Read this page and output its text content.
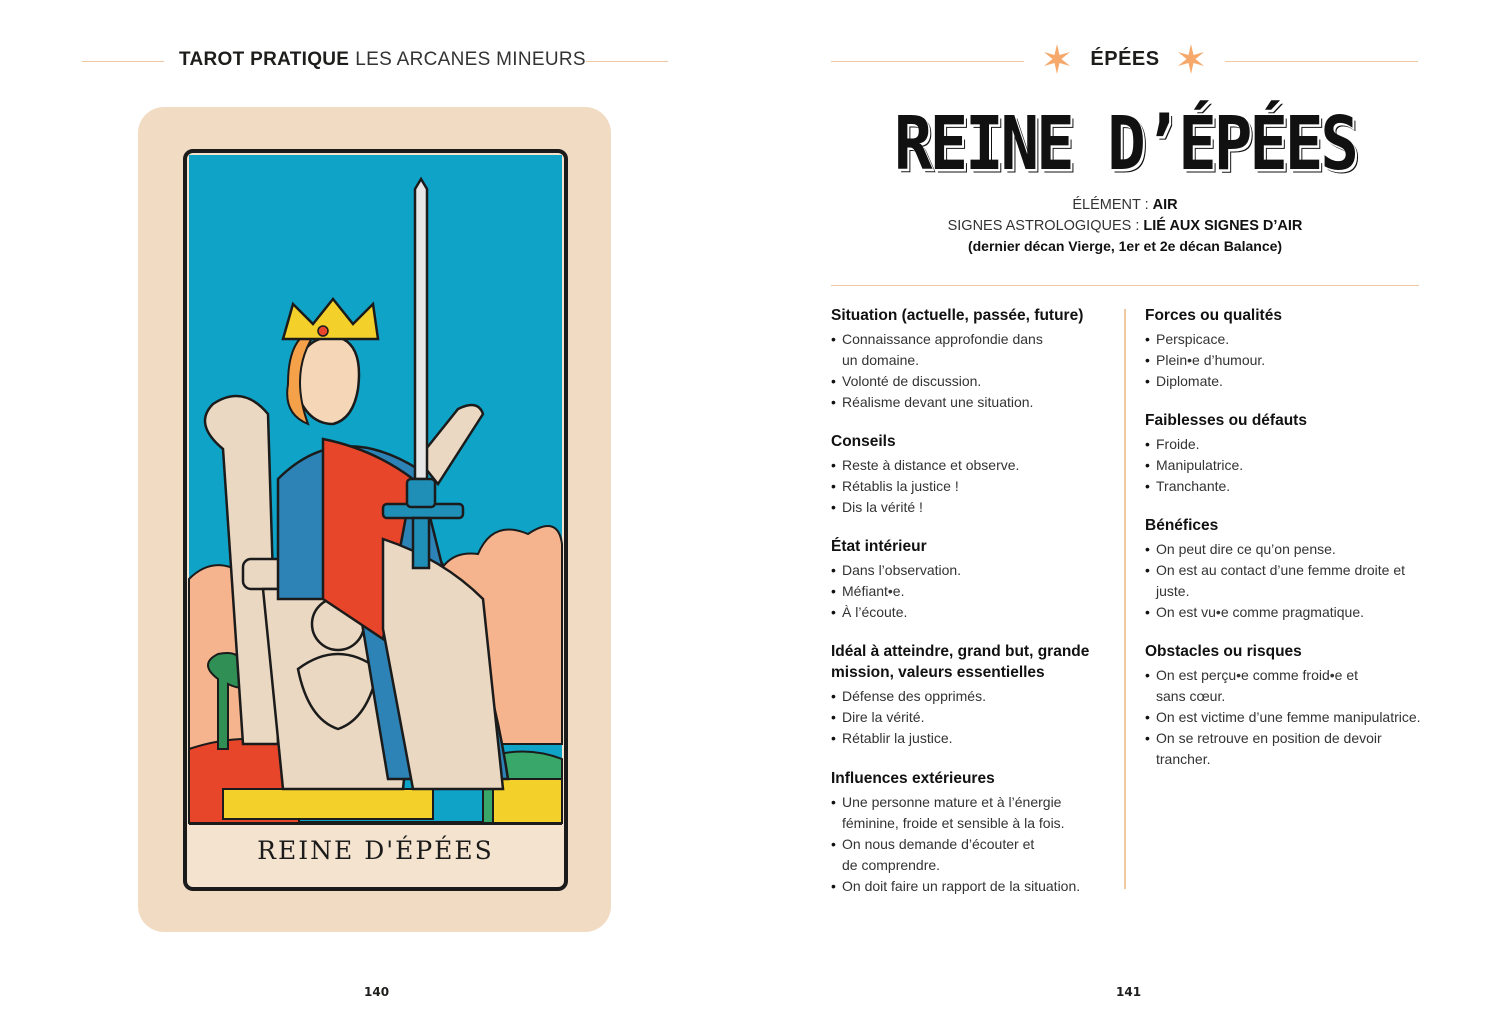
TAROT PRATIQUE LES ARCANES MINEURS
REINE D'ÉPÉES
140
ÉPÉES
REINE D’ÉPÉES
ÉLÉMENT : AIR
SIGNES ASTROLOGIQUES : LIÉ AUX SIGNES D’AIR
(dernier décan Vierge, 1er et 2e décan Balance)
Situation (actuelle, passée, future)
• Connaissance approfondie dans un domaine.
• Volonté de discussion.
• Réalisme devant une situation.
Conseils
• Reste à distance et observe.
• Rétablis la justice !
• Dis la vérité !
État intérieur
• Dans l’observation.
• Méfiant•e.
• À l’écoute.
Idéal à atteindre, grand but, grande mission, valeurs essentielles
• Défense des opprimés.
• Dire la vérité.
• Rétablir la justice.
Influences extérieures
• Une personne mature et à l’énergie féminine, froide et sensible à la fois.
• On nous demande d’écouter et de comprendre.
• On doit faire un rapport de la situation.
Forces ou qualités
• Perspicace.
• Plein•e d’humour.
• Diplomate.
Faiblesses ou défauts
• Froide.
• Manipulatrice.
• Tranchante.
Bénéfices
• On peut dire ce qu’on pense.
• On est au contact d’une femme droite et juste.
• On est vu•e comme pragmatique.
Obstacles ou risques
• On est perçu•e comme froid•e et sans cœur.
• On est victime d’une femme manipulatrice.
• On se retrouve en position de devoir trancher.
141
